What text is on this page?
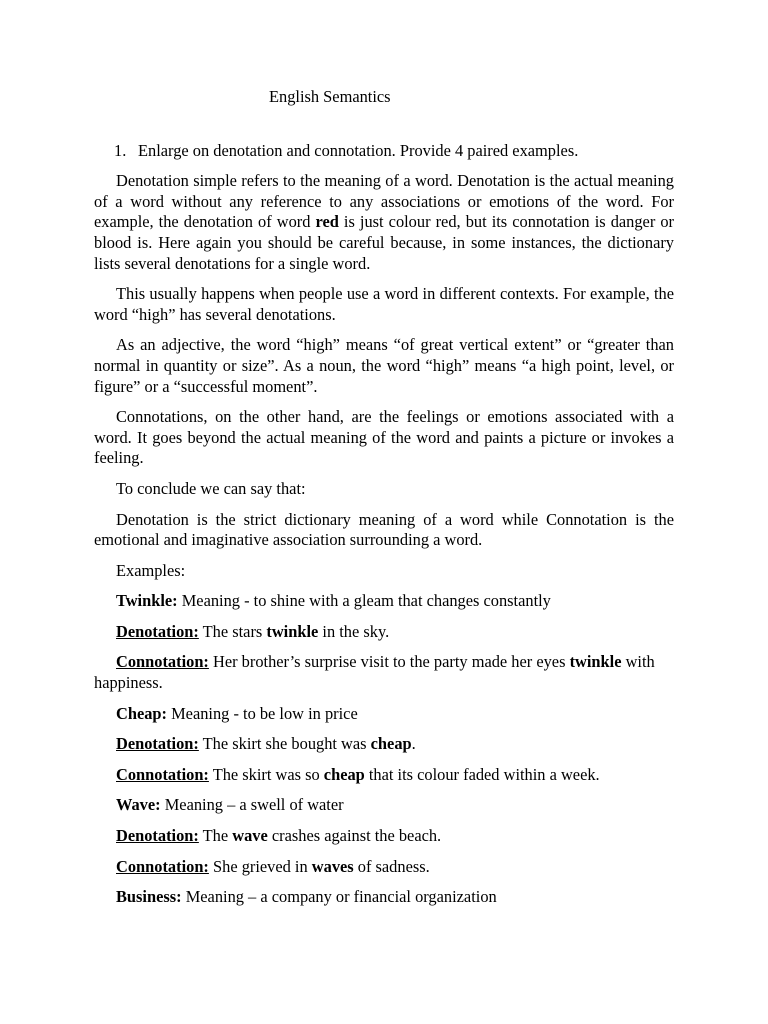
English Semantics
1. Enlarge on denotation and connotation. Provide 4 paired examples.

Denotation simple refers to the meaning of a word. Denotation is the actual meaning of a word without any reference to any associations or emotions of the word. For example, the denotation of word red is just colour red, but its connotation is danger or blood is. Here again you should be careful because, in some instances, the dictionary lists several denotations for a single word.

This usually happens when people use a word in different contexts. For example, the word “high” has several denotations.

As an adjective, the word “high” means “of great vertical extent” or “greater than normal in quantity or size”. As a noun, the word “high” means “a high point, level, or figure” or a “successful moment”.

Connotations, on the other hand, are the feelings or emotions associated with a word. It goes beyond the actual meaning of the word and paints a picture or invokes a feeling.

To conclude we can say that:

Denotation is the strict dictionary meaning of a word while Connotation is the emotional and imaginative association surrounding a word.

Examples:

Twinkle: Meaning - to shine with a gleam that changes constantly

Denotation: The stars twinkle in the sky.

Connotation: Her brother’s surprise visit to the party made her eyes twinkle with happiness.

Cheap: Meaning - to be low in price

Denotation: The skirt she bought was cheap.

Connotation: The skirt was so cheap that its colour faded within a week.

Wave: Meaning – a swell of water

Denotation: The wave crashes against the beach.

Connotation: She grieved in waves of sadness.

Business: Meaning – a company or financial organization
